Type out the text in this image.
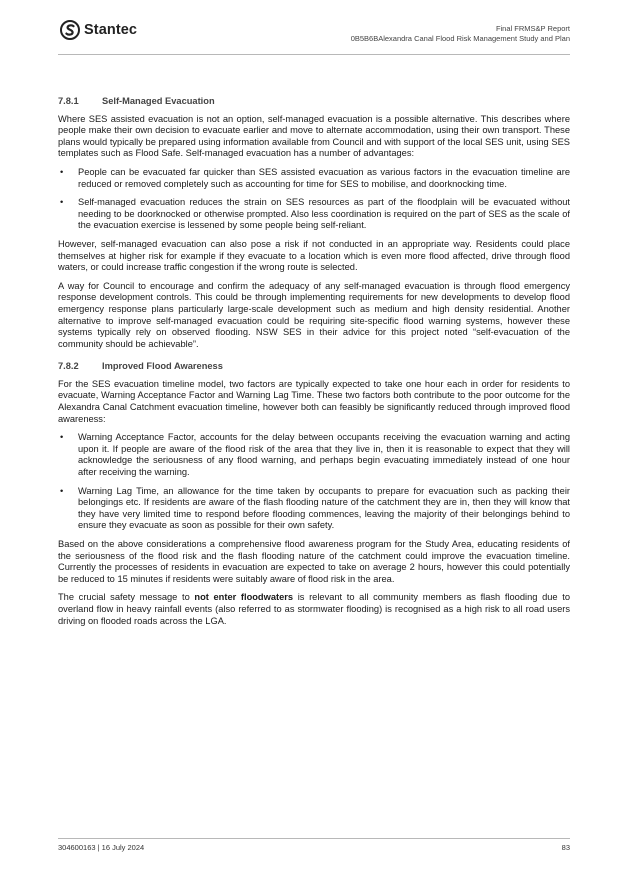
Stantec	Final FRMS&P Report
0B5B6BAlexandra Canal Flood Risk Management Study and Plan
7.8.1	Self-Managed Evacuation

Where SES assisted evacuation is not an option, self-managed evacuation is a possible alternative. This describes where people make their own decision to evacuate earlier and move to alternate accommodation, using their own transport. These plans would typically be prepared using information available from Council and with support of the local SES unit, using SES templates such as Flood Safe. Self-managed evacuation has a number of advantages:

• People can be evacuated far quicker than SES assisted evacuation as various factors in the evacuation timeline are reduced or removed completely such as accounting for time for SES to mobilise, and doorknocking time.
• Self-managed evacuation reduces the strain on SES resources as part of the floodplain will be evacuated without needing to be doorknocked or otherwise prompted. Also less coordination is required on the part of SES as the scale of the evacuation exercise is lessened by some people being self-reliant.

However, self-managed evacuation can also pose a risk if not conducted in an appropriate way. Residents could place themselves at higher risk for example if they evacuate to a location which is even more flood affected, drive through flood waters, or could increase traffic congestion if the wrong route is selected.

A way for Council to encourage and confirm the adequacy of any self-managed evacuation is through flood emergency response development controls. This could be through implementing requirements for new developments to develop flood emergency response plans particularly large-scale development such as medium and high density residential. Another alternative to improve self-managed evacuation could be requiring site-specific flood warning systems, however these systems typically rely on observed flooding. NSW SES in their advice for this project noted “self-evacuation of the community should be achievable”.

7.8.2	Improved Flood Awareness

For the SES evacuation timeline model, two factors are typically expected to take one hour each in order for residents to evacuate, Warning Acceptance Factor and Warning Lag Time. These two factors both contribute to the poor outcome for the Alexandra Canal Catchment evacuation timeline, however both can feasibly be significantly reduced through improved flood awareness:

• Warning Acceptance Factor, accounts for the delay between occupants receiving the evacuation warning and acting upon it. If people are aware of the flood risk of the area that they live in, then it is reasonable to expect that they will acknowledge the seriousness of any flood warning, and perhaps begin evacuating immediately instead of one hour after receiving the warning.
• Warning Lag Time, an allowance for the time taken by occupants to prepare for evacuation such as packing their belongings etc. If residents are aware of the flash flooding nature of the catchment they are in, then they will know that they have very limited time to respond before flooding commences, leaving the majority of their belongings behind to ensure they evacuate as soon as possible for their own safety.

Based on the above considerations a comprehensive flood awareness program for the Study Area, educating residents of the seriousness of the flood risk and the flash flooding nature of the catchment could improve the evacuation timeline. Currently the processes of residents in evacuation are expected to take on average 2 hours, however this could potentially be reduced to 15 minutes if residents were suitably aware of flood risk in the area.

The crucial safety message to not enter floodwaters is relevant to all community members as flash flooding due to overland flow in heavy rainfall events (also referred to as stormwater flooding) is recognised as a high risk to all road users driving on flooded roads across the LGA.

304600163 | 16 July 2024	83
